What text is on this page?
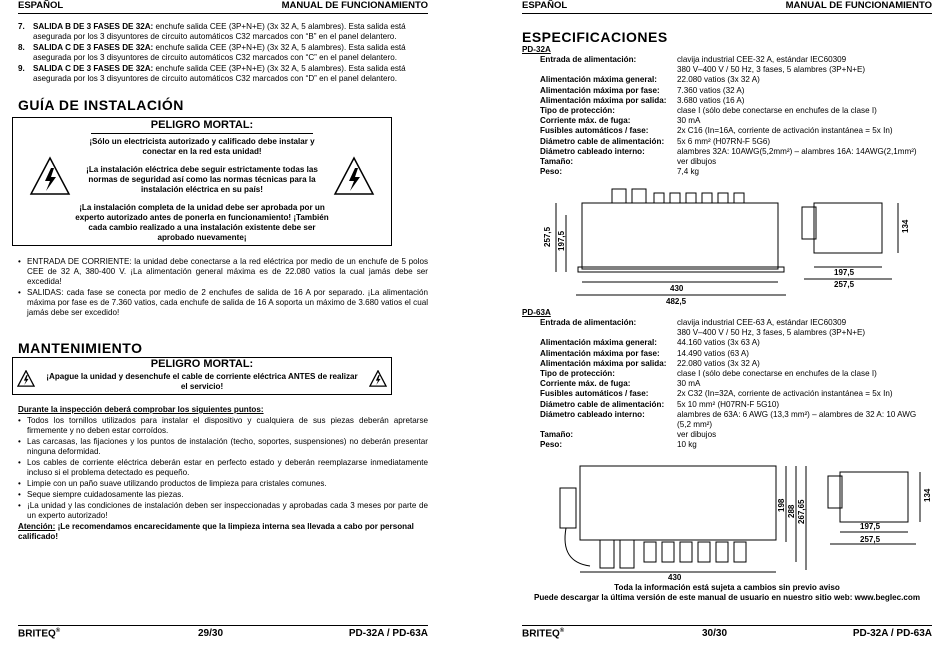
ESPAÑOL	MANUAL DE FUNCIONAMIENTO
7. SALIDA B DE 3 FASES DE 32A: enchufe salida CEE (3P+N+E) (3x 32 A, 5 alambres). Esta salida está asegurada por los 3 disyuntores de circuito automáticos C32 marcados con “B” en el panel delantero.
8. SALIDA C DE 3 FASES DE 32A: enchufe salida CEE (3P+N+E) (3x 32 A, 5 alambres). Esta salida está asegurada por los 3 disyuntores de circuito automáticos C32 marcados con “C” en el panel delantero.
9. SALIDA C DE 3 FASES DE 32A: enchufe salida CEE (3P+N+E) (3x 32 A, 5 alambres). Esta salida está asegurada por los 3 disyuntores de circuito automáticos C32 marcados con “D” en el panel delantero.
GUÍA DE INSTALACIÓN
PELIGRO MORTAL:
¡Sólo un electricista autorizado y calificado debe instalar y conectar en la red esta unidad!
¡La instalación eléctrica debe seguir estrictamente todas las normas de seguridad así como las normas técnicas para la instalación eléctrica en su país!
¡La instalación completa de la unidad debe ser aprobada por un experto autorizado antes de ponerla en funcionamiento! ¡También cada cambio realizado a una instalación existente debe ser aprobado nuevamente¡
• ENTRADA DE CORRIENTE: la unidad debe conectarse a la red eléctrica por medio de un enchufe de 5 polos CEE de 32 A, 380-400 V. ¡La alimentación general máxima es de 22.080 vatios la cual jamás debe ser excedida!
• SALIDAS: cada fase se conecta por medio de 2 enchufes de salida de 16 A por separado. ¡La alimentación máxima por fase es de 7.360 vatios, cada enchufe de salida de 16 A soporta un máximo de 3.680 vatios el cual jamás debe ser excedido!
MANTENIMIENTO
PELIGRO MORTAL:
¡Apague la unidad y desenchufe el cable de corriente eléctrica ANTES de realizar el servicio!
Durante la inspección deberá comprobar los siguientes puntos:
• Todos los tornillos utilizados para instalar el dispositivo y cualquiera de sus piezas deberán apretarse firmemente y no deben estar corroídos.
• Las carcasas, las fijaciones y los puntos de instalación (techo, soportes, suspensiones) no deberán presentar ninguna deformidad.
• Los cables de corriente eléctrica deberán estar en perfecto estado y deberán reemplazarse inmediatamente incluso si el problema detectado es pequeño.
• Limpie con un paño suave utilizando productos de limpieza para cristales comunes.
• Seque siempre cuidadosamente las piezas.
• ¡La unidad y las condiciones de instalación deben ser inspeccionadas y aprobadas cada 3 meses por parte de un experto autorizado!
Atención: ¡Le recomendamos encarecidamente que la limpieza interna sea llevada a cabo por personal calificado!
BRITEQ®	29/30	PD-32A / PD-63A
ESPAÑOL	MANUAL DE FUNCIONAMIENTO
ESPECIFICACIONES
PD-32A
Entrada de alimentación:	clavija industrial CEE-32 A, estándar IEC60309
380 V–400 V / 50 Hz, 3 fases, 5 alambres (3P+N+E)
Alimentación máxima general: 22.080 vatios (3x 32 A)
Alimentación máxima por fase: 7.360 vatios (32 A)
Alimentación máxima por salida: 3.680 vatios (16 A)
Tipo de protección:	clase I (sólo debe conectarse en enchufes de la clase I)
Corriente máx. de fuga:	30 mA
Fusibles automáticos / fase:	2x C16 (In=16A, corriente de activación instantánea = 5x In)
Diámetro cable de alimentación: 5x 6 mm² (H07RN-F 5G6)
Diámetro cableado interno:	alambres 32A: 10AWG(5,2mm²) – alambres 16A: 14AWG(2,1mm²)
Tamaño:	ver dibujos
Peso:	7,4 kg
257,5 197,5
430
482,5
134
197,5
257,5
PD-63A
Entrada de alimentación:	clavija industrial CEE-63 A, estándar IEC60309
380 V–400 V / 50 Hz, 3 fases, 5 alambres (3P+N+E)
Alimentación máxima general: 44.160 vatios (3x 63 A)
Alimentación máxima por fase: 14.490 vatios (63 A)
Alimentación máxima por salida: 22.080 vatios (3x 32 A)
Tipo de protección:	clase I (sólo debe conectarse en enchufes de la clase I)
Corriente máx. de fuga:	30 mA
Fusibles automáticos / fase:	2x C32 (In=32A, corriente de activación instantánea = 5x In)
Diámetro cable de alimentación: 5x 10 mm² (H07RN-F 5G10)
Diámetro cableado interno:	alambres de 63A: 6 AWG (13,3 mm²) – alambres de 32 A: 10 AWG
(5,2 mm²)
Tamaño:	ver dibujos
Peso:	10 kg
198 288 267,65
430
134
197,5
257,5
Toda la información está sujeta a cambios sin previo aviso
Puede descargar la última versión de este manual de usuario en nuestro sitio web: www.beglec.com
BRITEQ®	30/30	PD-32A / PD-63A
